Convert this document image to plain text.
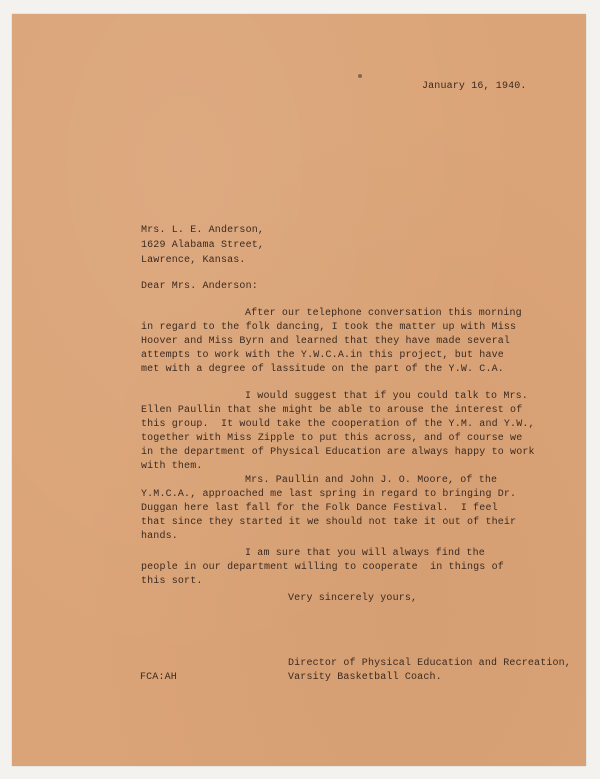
January 16, 1940.
Mrs. L. E. Anderson,
1629 Alabama Street,
Lawrence, Kansas.
Dear Mrs. Anderson:
After our telephone conversation this morning
in regard to the folk dancing, I took the matter up with Miss
Hoover and Miss Byrn and learned that they have made several
attempts to work with the Y.W.C.A.in this project, but have
met with a degree of lassitude on the part of the Y.W. C.A.
I would suggest that if you could talk to Mrs.
Ellen Paullin that she might be able to arouse the interest of
this group.  It would take the cooperation of the Y.M. and Y.W.,
together with Miss Zipple to put this across, and of course we
in the department of Physical Education are always happy to work
with them.
Mrs. Paullin and John J. O. Moore, of the
Y.M.C.A., approached me last spring in regard to bringing Dr.
Duggan here last fall for the Folk Dance Festival.  I feel
that since they started it we should not take it out of their
hands.
I am sure that you will always find the
people in our department willing to cooperate  in things of
this sort.
Very sincerely yours,
Director of Physical Education and Recreation,
Varsity Basketball Coach.
FCA:AH
